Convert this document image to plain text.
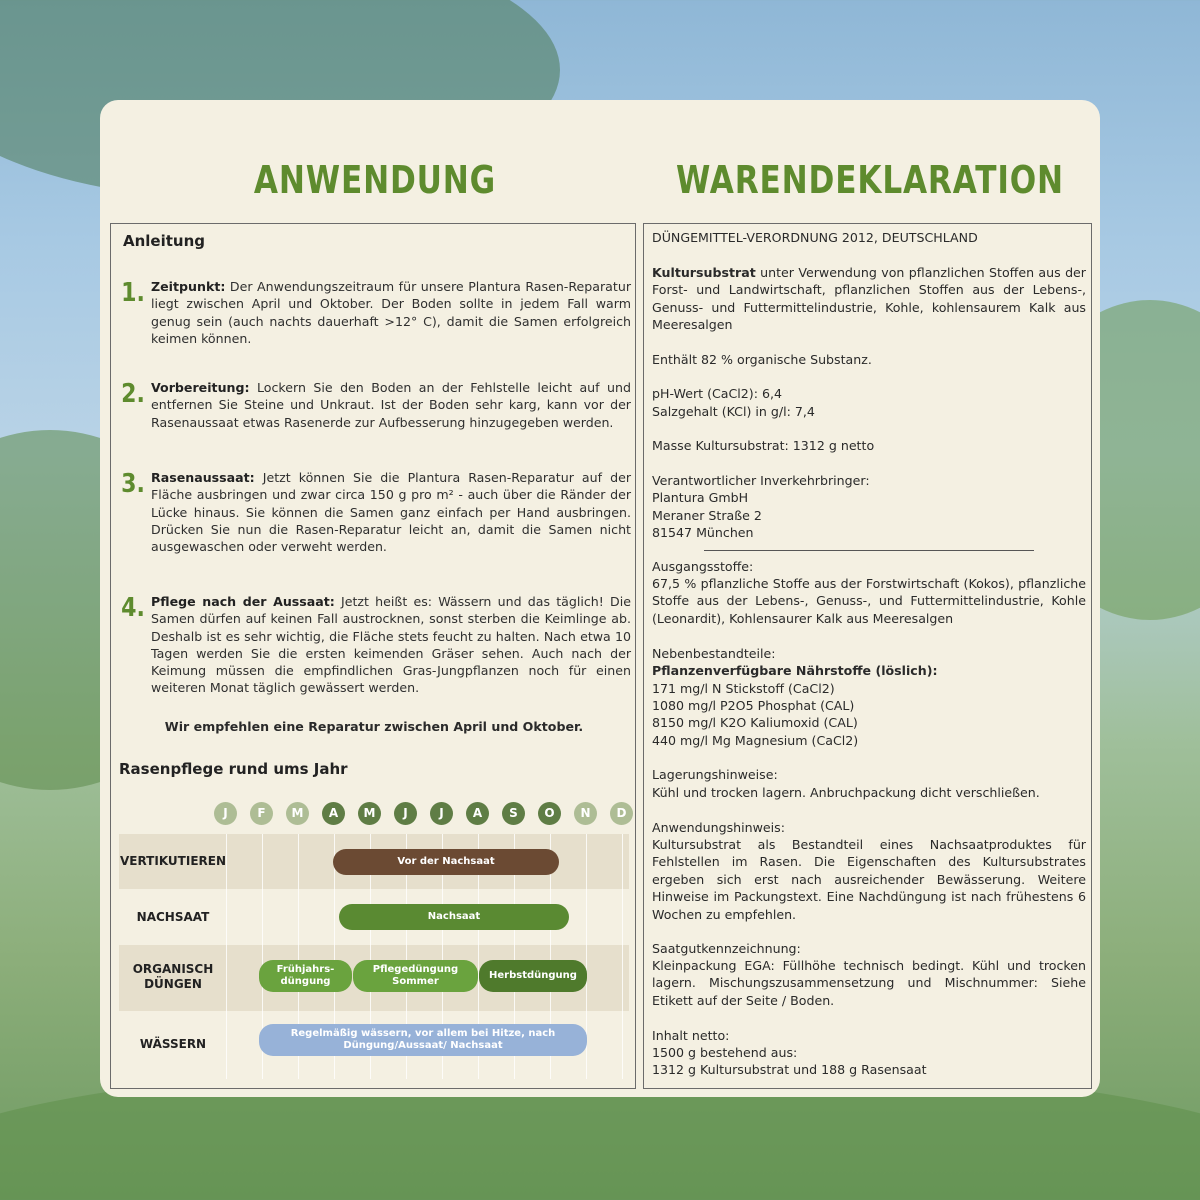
ANWENDUNG	WARENDEKLARATION
Anleitung
1. Zeitpunkt: Der Anwendungszeitraum für unsere Plantura Rasen-Reparatur liegt zwischen April und Oktober. Der Boden sollte in jedem Fall warm genug sein (auch nachts dauerhaft >12° C), damit die Samen erfolgreich keimen können.
2. Vorbereitung: Lockern Sie den Boden an der Fehlstelle leicht auf und entfernen Sie Steine und Unkraut. Ist der Boden sehr karg, kann vor der Rasenaussaat etwas Rasenerde zur Aufbesserung hinzugegeben werden.
3. Rasenaussaat: Jetzt können Sie die Plantura Rasen-Reparatur auf der Fläche ausbringen und zwar circa 150 g pro m² - auch über die Ränder der Lücke hinaus. Sie können die Samen ganz einfach per Hand ausbringen. Drücken Sie nun die Rasen-Reparatur leicht an, damit die Samen nicht ausgewaschen oder verweht werden.
4. Pflege nach der Aussaat: Jetzt heißt es: Wässern und das täglich! Die Samen dürfen auf keinen Fall austrocknen, sonst sterben die Keimlinge ab. Deshalb ist es sehr wichtig, die Fläche stets feucht zu halten. Nach etwa 10 Tagen werden Sie die ersten keimenden Gräser sehen. Auch nach der Keimung müssen die empfindlichen Gras-Jungpflanzen noch für einen weiteren Monat täglich gewässert werden.
Wir empfehlen eine Reparatur zwischen April und Oktober.
Rasenpflege rund ums Jahr
J	F	M	A	M	J	J	A	S	O	N	D
VERTIKUTIEREN
NACHSAAT
ORGANISCH DÜNGEN
WÄSSERN
Vor der Nachsaat
Nachsaat
Frühjahrs-düngung
Pflegedüngung Sommer
Herbstdüngung
Regelmäßig wässern, vor allem bei Hitze, nach Düngung/Aussaat/ Nachsaat
DÜNGEMITTEL-VERORDNUNG 2012, DEUTSCHLAND
Kultursubstrat unter Verwendung von pflanzlichen Stoffen aus der Forst- und Landwirtschaft, pflanzlichen Stoffen aus der Lebens-, Genuss- und Futtermittelindustrie, Kohle, kohlensaurem Kalk aus Meeresalgen
Enthält 82 % organische Substanz.
pH-Wert (CaCl2): 6,4
Salzgehalt (KCl) in g/l: 7,4
Masse Kultursubstrat: 1312 g netto
Verantwortlicher Inverkehrbringer:
Plantura GmbH
Meraner Straße 2
81547 München
Ausgangsstoffe:
67,5 % pflanzliche Stoffe aus der Forstwirtschaft (Kokos), pflanzliche Stoffe aus der Lebens-, Genuss-, und Futtermittelindustrie, Kohle (Leonardit), Kohlensaurer Kalk aus Meeresalgen
Nebenbestandteile:
Pflanzenverfügbare Nährstoffe (löslich):
171 mg/l N Stickstoff (CaCl2)
1080 mg/l P2O5 Phosphat (CAL)
8150 mg/l K2O Kaliumoxid (CAL)
440 mg/l Mg Magnesium (CaCl2)
Lagerungshinweise:
Kühl und trocken lagern. Anbruchpackung dicht verschließen.
Anwendungshinweis:
Kultursubstrat als Bestandteil eines Nachsaatproduktes für Fehlstellen im Rasen. Die Eigenschaften des Kultursubstrates ergeben sich erst nach ausreichender Bewässerung. Weitere Hinweise im Packungstext. Eine Nachdüngung ist nach frühestens 6 Wochen zu empfehlen.
Saatgutkennzeichnung:
Kleinpackung EGA: Füllhöhe technisch bedingt. Kühl und trocken lagern. Mischungszusammensetzung und Mischnummer: Siehe Etikett auf der Seite / Boden.
Inhalt netto:
1500 g bestehend aus:
1312 g Kultursubstrat und 188 g Rasensaat
